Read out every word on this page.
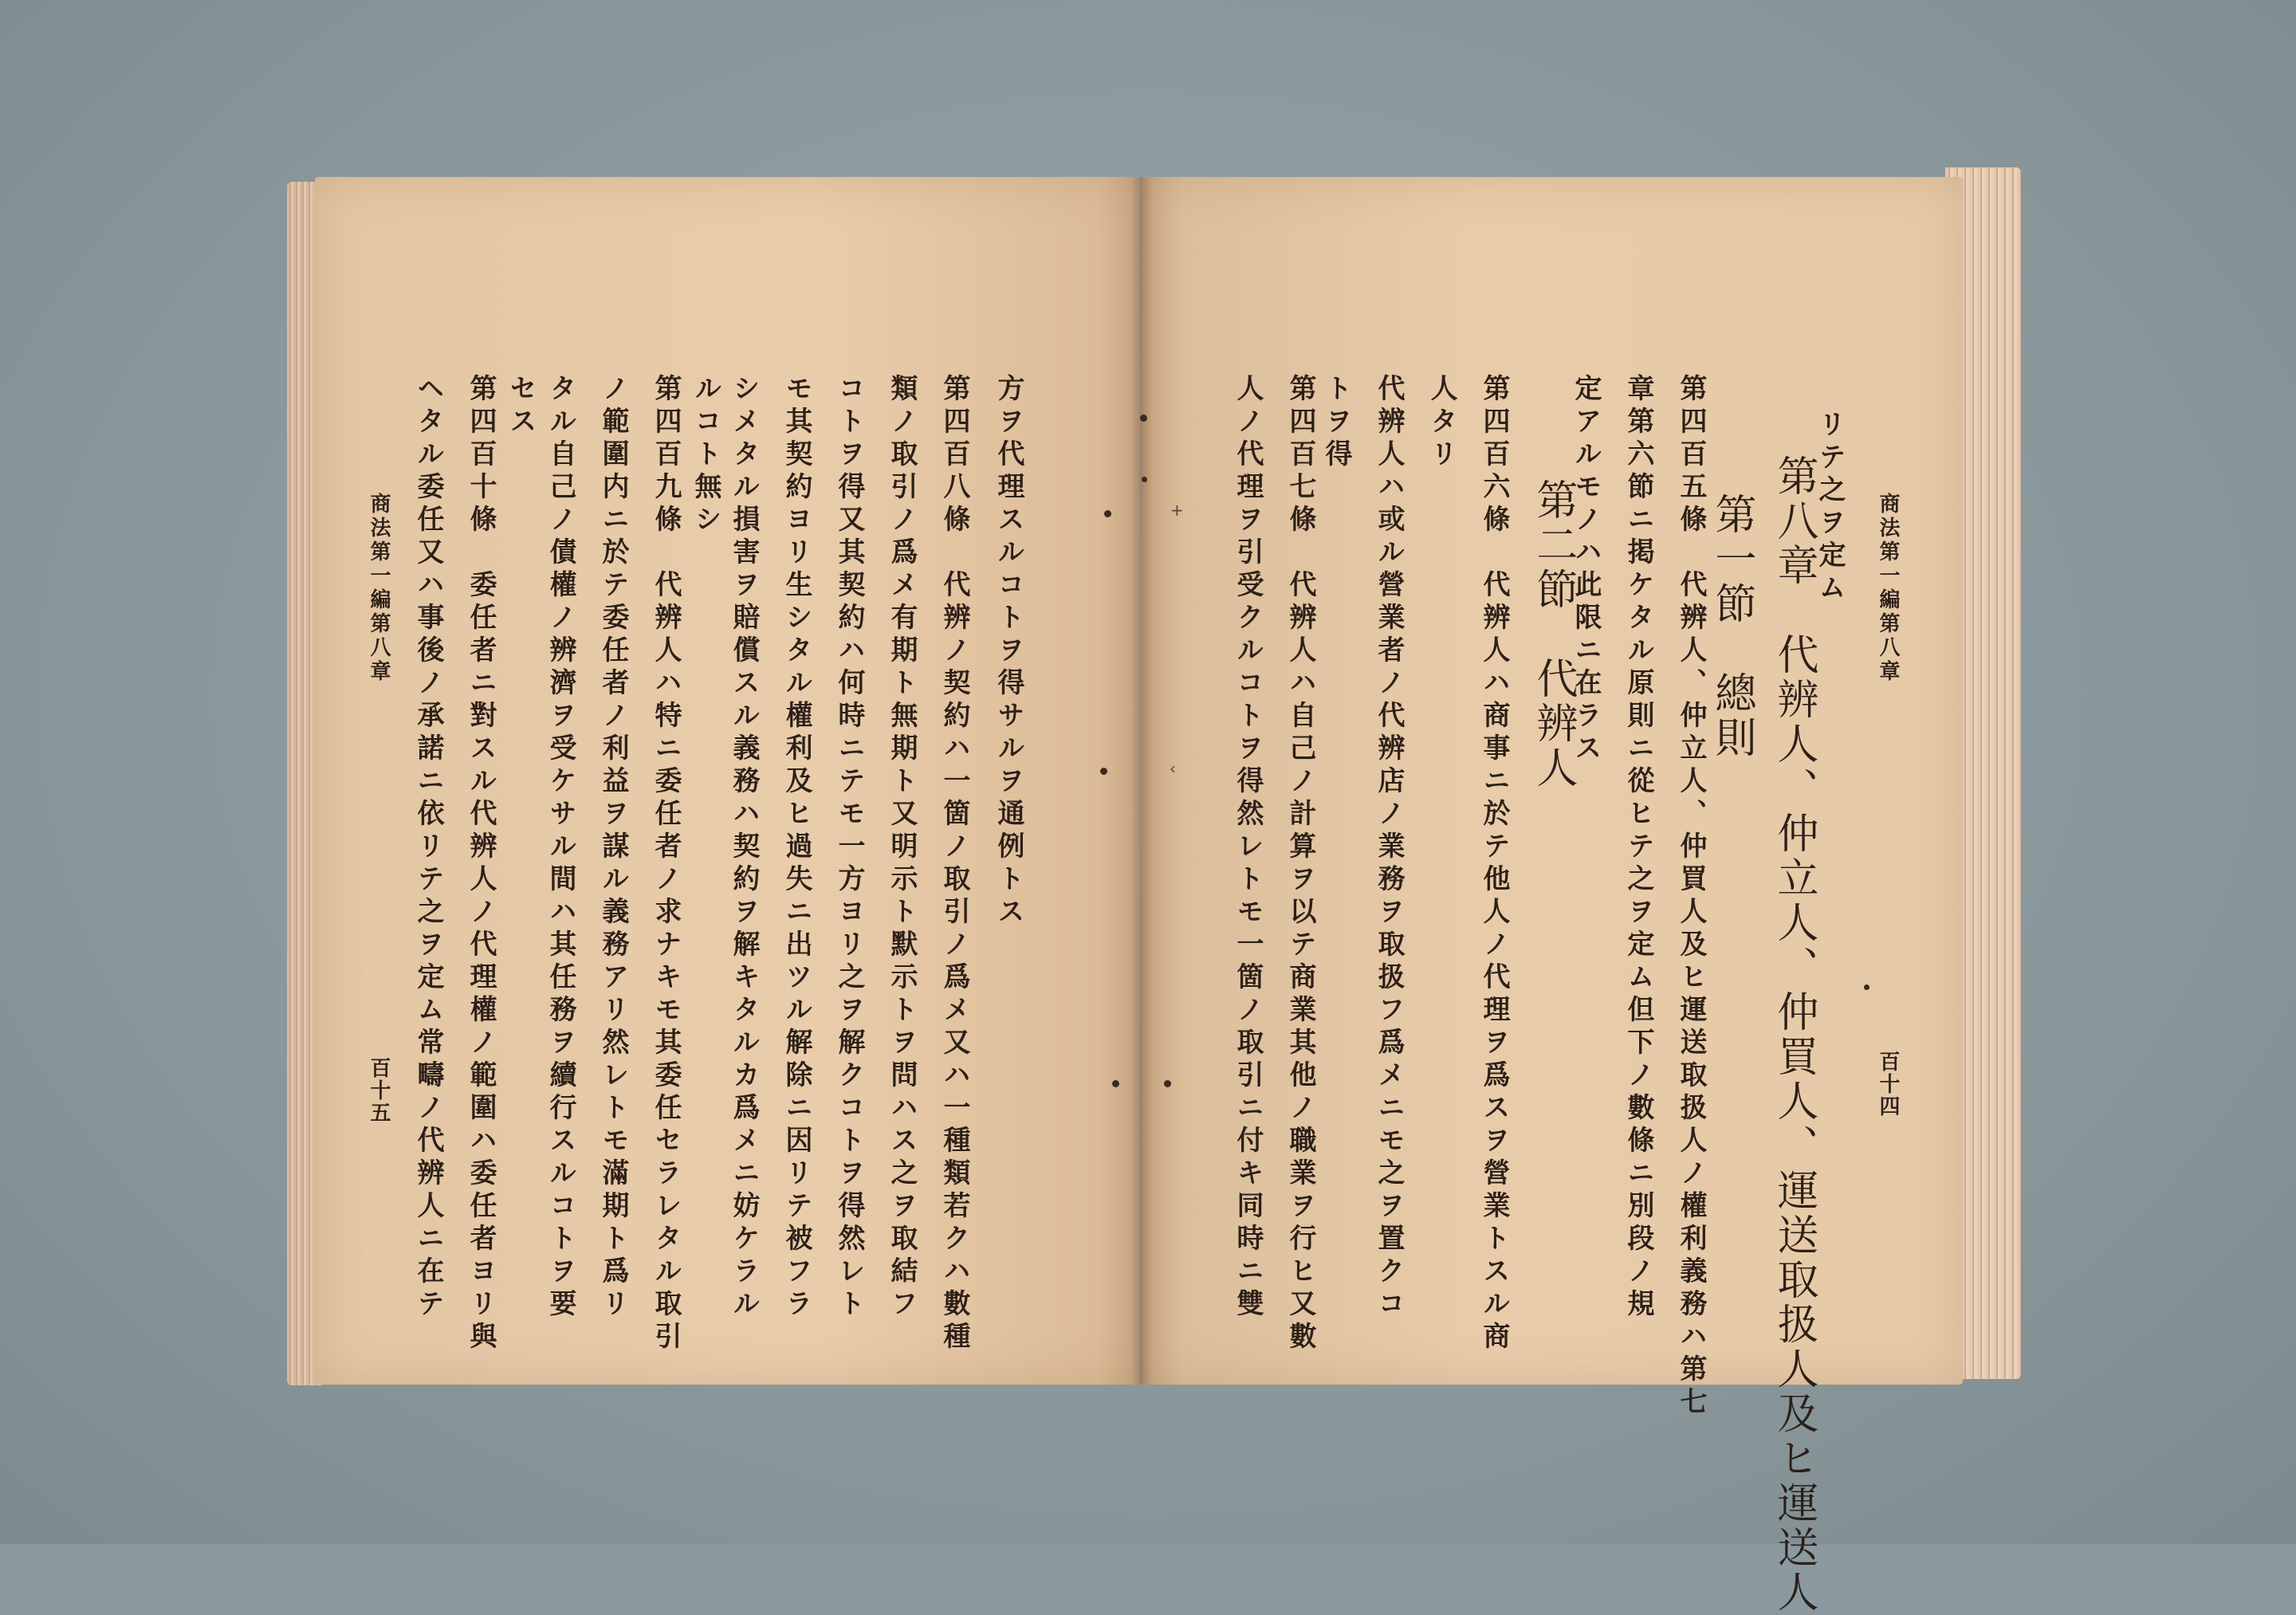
商法第一編第八章
百十四
リテ之ヲ定ム
第八章　代辨人、仲立人、仲買人、運送取扱人及ヒ運送人
第一節　總則
第四百五條　代辨人、仲立人、仲買人及ヒ運送取扱人ノ權利義務ハ第七
章第六節ニ掲ケタル原則ニ從ヒテ之ヲ定ム但下ノ數條ニ別段ノ規
定アルモノハ此限ニ在ラス
第二節　代辨人
第四百六條　代辨人ハ商事ニ於テ他人ノ代理ヲ爲スヲ營業トスル商
人タリ
代辨人ハ或ル營業者ノ代辨店ノ業務ヲ取扱フ爲メニモ之ヲ置クコ
トヲ得
第四百七條　代辨人ハ自己ノ計算ヲ以テ商業其他ノ職業ヲ行ヒ又數
人ノ代理ヲ引受クルコトヲ得然レトモ一箇ノ取引ニ付キ同時ニ雙
方ヲ代理スルコトヲ得サルヲ通例トス
第四百八條　代辨ノ契約ハ一箇ノ取引ノ爲メ又ハ一種類若クハ數種
類ノ取引ノ爲メ有期ト無期ト又明示ト默示トヲ問ハス之ヲ取結フ
コトヲ得又其契約ハ何時ニテモ一方ヨリ之ヲ解クコトヲ得然レト
モ其契約ヨリ生シタル權利及ヒ過失ニ出ツル解除ニ因リテ被フラ
シメタル損害ヲ賠償スル義務ハ契約ヲ解キタルカ爲メニ妨ケラル
ルコト無シ
第四百九條　代辨人ハ特ニ委任者ノ求ナキモ其委任セラレタル取引
ノ範圍内ニ於テ委任者ノ利益ヲ謀ル義務アリ然レトモ滿期ト爲リ
タル自己ノ債權ノ辨濟ヲ受ケサル間ハ其任務ヲ續行スルコトヲ要
セス
第四百十條　委任者ニ對スル代辨人ノ代理權ノ範圍ハ委任者ヨリ與
ヘタル委任又ハ事後ノ承諾ニ依リテ之ヲ定ム常疇ノ代辨人ニ在テ
商法第一編第八章
百十五
+
‹
